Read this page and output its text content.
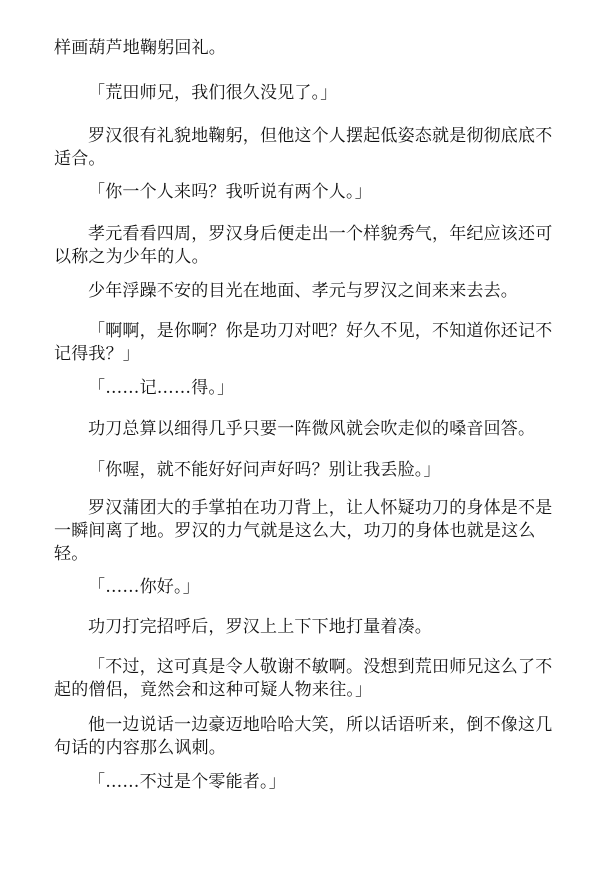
样画葫芦地鞠躬回礼。
「荒田师兄，我们很久没见了。」
罗汉很有礼貌地鞠躬，但他这个人摆起低姿态就是彻彻底底不适合。
「你一个人来吗？我听说有两个人。」
孝元看看四周，罗汉身后便走出一个样貌秀气，年纪应该还可以称之为少年的人。
少年浮躁不安的目光在地面、孝元与罗汉之间来来去去。
「啊啊，是你啊？你是功刀对吧？好久不见，不知道你还记不记得我？」
「……记……得。」
功刀总算以细得几乎只要一阵微风就会吹走似的嗓音回答。
「你喔，就不能好好问声好吗？别让我丢脸。」
罗汉蒲团大的手掌拍在功刀背上，让人怀疑功刀的身体是不是一瞬间离了地。罗汉的力气就是这么大，功刀的身体也就是这么轻。
「……你好。」
功刀打完招呼后，罗汉上上下下地打量着凑。
「不过，这可真是令人敬谢不敏啊。没想到荒田师兄这么了不起的僧侣，竟然会和这种可疑人物来往。」
他一边说话一边豪迈地哈哈大笑，所以话语听来，倒不像这几句话的内容那么讽刺。
「……不过是个零能者。」
